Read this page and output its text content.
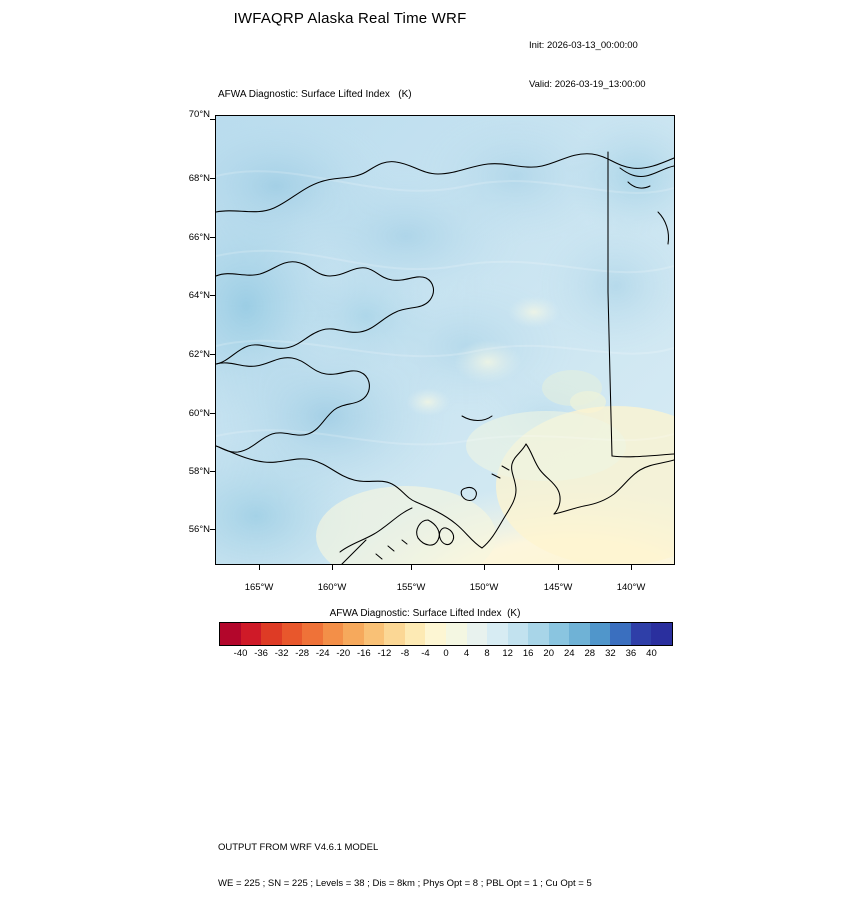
IWFAQRP Alaska Real Time WRF

Init: 2026-03-13_00:00:00

Valid: 2026-03-19_13:00:00

AFWA Diagnostic: Surface Lifted Index   (K)
70°N
68°N
66°N
64°N
62°N
60°N
58°N
56°N
165°W	160°W	155°W	150°W	145°W	140°W
AFWA Diagnostic: Surface Lifted Index  (K)
-40 -36 -32 -28 -24 -20 -16 -12 -8 -4 0 4 8 12 16 20 24 28 32 36 40

OUTPUT FROM WRF V4.6.1 MODEL

WE = 225 ; SN = 225 ; Levels = 38 ; Dis = 8km ; Phys Opt = 8 ; PBL Opt = 1 ; Cu Opt = 5
